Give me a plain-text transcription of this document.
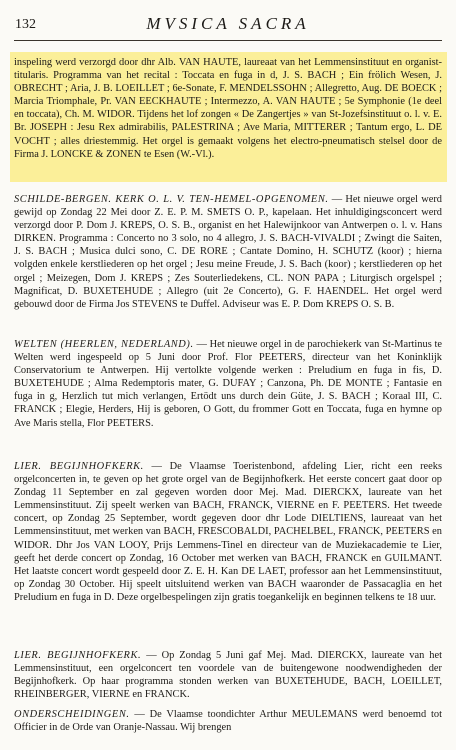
132	MVSICA SACRA

inspeling werd verzorgd door dhr Alb. VAN HAUTE, laureaat van het Lemmensinstituut en organist-titularis. Programma van het recital : Toccata en fuga in d, J. S. BACH ; Ein frölich Wesen, J. OBRECHT ; Aria, J. B. LOEILLET ; 6e-Sonate, F. MENDELSSOHN ; Allegretto, Aug. DE BOECK ; Marcia Triomphale, Pr. VAN EECKHAUTE ; Intermezzo, A. VAN HAUTE ; 5e Symphonie (1e deel en toccata), Ch. M. WIDOR. Tijdens het lof zongen « De Zangertjes » van St-Jozefsinstituut o. l. v. E. Br. JOSEPH : Jesu Rex admirabilis, PALESTRINA ; Ave Maria, MITTERER ; Tantum ergo, L. DE VOCHT ; alles driestemmig. Het orgel is gemaakt volgens het electro-pneumatisch stelsel door de Firma J. LONCKE & ZONEN te Esen (W.-Vl.).

SCHILDE-BERGEN. KERK O. L. V. TEN-HEMEL-OPGENOMEN. — Het nieuwe orgel werd gewijd op Zondag 22 Mei door Z. E. P. M. SMETS O. P., kapelaan. Het inhuldigingsconcert werd verzorgd door P. Dom J. KREPS, O. S. B., organist en het Halewijnkoor van Antwerpen o. l. v. Hans DIRKEN. Programma : Concerto no 3 solo, no 4 allegro, J. S. BACH-VIVALDI ; Zwingt die Saiten, J. S. BACH ; Musica dulci sono, C. DE RORE ; Cantate Domino, H. SCHUTZ (koor) ; hierna volgden enkele kerstliederen op het orgel ; Jesu meine Freude, J. S. Bach (koor) ; kerstliederen op het orgel ; Meizegen, Dom J. KREPS ; Zes Souterliedekens, CL. NON PAPA ; Liturgisch orgelspel ; Magnificat, D. BUXETEHUDE ; Allegro (uit 2e Concerto), G. F. HAENDEL. Het orgel werd gebouwd door de Firma Jos STEVENS te Duffel. Adviseur was E. P. Dom KREPS O. S. B.

WELTEN (HEERLEN, NEDERLAND). — Het nieuwe orgel in de parochiekerk van St-Martinus te Welten werd ingespeeld op 5 Juni door Prof. Flor PEETERS, directeur van het Koninklijk Conservatorium te Antwerpen. Hij vertolkte volgende werken : Preludium en fuga in fis, D. BUXETEHUDE ; Alma Redemptoris mater, G. DUFAY ; Canzona, Ph. DE MONTE ; Fantasie en fuga in g, Herzlich tut mich verlangen, Ertödt uns durch dein Güte, J. S. BACH ; Koraal III, C. FRANCK ; Elegie, Herders, Hij is geboren, O Gott, du frommer Gott en Toccata, fuga en hymne op Ave Maris stella, Flor PEETERS.

LIER. BEGIJNHOFKERK. — De Vlaamse Toeristenbond, afdeling Lier, richt een reeks orgelconcerten in, te geven op het grote orgel van de Begijnhofkerk. Het eerste concert gaat door op Zondag 11 September en zal gegeven worden door Mej. Mad. DIERCKX, laureate van het Lemmensinstituut. Zij speelt werken van BACH, FRANCK, VIERNE en F. PEETERS. Het tweede concert, op Zondag 25 September, wordt gegeven door dhr Lode DIELTIENS, laureaat van het Lemmensinstituut, met werken van BACH, FRESCOBALDI, PACHELBEL, FRANCK, PEETERS en WIDOR. Dhr Jos VAN LOOY, Prijs Lemmens-Tinel en directeur van de Muziekacademie te Lier, geeft het derde concert op Zondag, 16 October met werken van BACH, FRANCK en GUILMANT. Het laatste concert wordt gespeeld door Z. E. H. Kan DE LAET, professor aan het Lemmensinstituut, op Zondag 30 October. Hij speelt uitsluitend werken van BACH waaronder de Passacaglia en het Preludium en fuga in D. Deze orgelbespelingen zijn gratis toegankelijk en beginnen telkens te 18 uur.

LIER. BEGIJNHOFKERK. — Op Zondag 5 Juni gaf Mej. Mad. DIERCKX, laureate van het Lemmensinstituut, een orgelconcert ten voordele van de buitengewone noodwendigheden der Begijnhofkerk. Op haar programma stonden werken van BUXETEHUDE, BACH, LOEILLET, RHEINBERGER, VIERNE en FRANCK.

ONDERSCHEIDINGEN. — De Vlaamse toondichter Arthur MEULEMANS werd benoemd tot Officier in de Orde van Oranje-Nassau. Wij brengen
